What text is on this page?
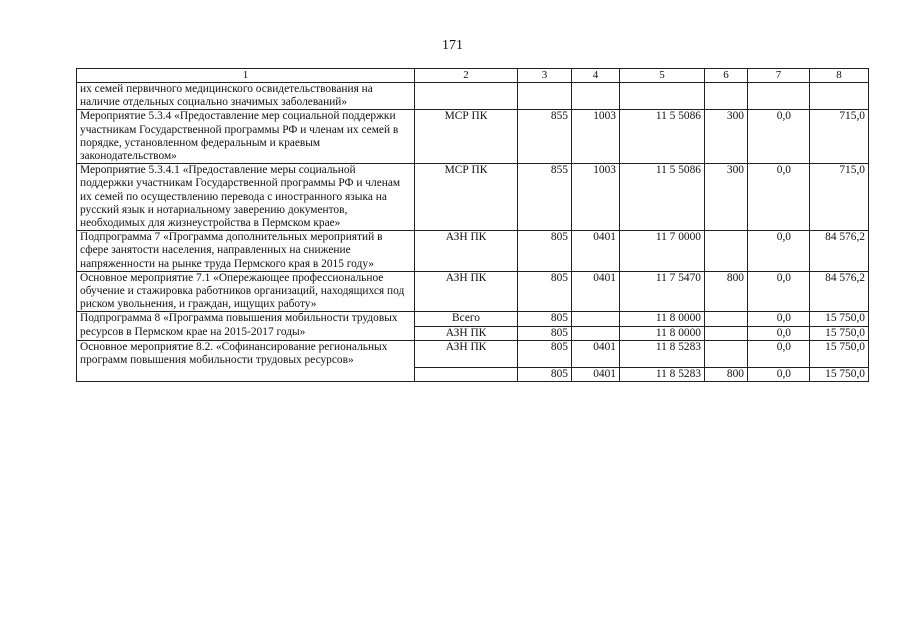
171
1	2	3	4	5	6	7	8
их семей первичного медицинского освидетельствования на наличие отдельных социально значимых заболеваний»							
Мероприятие 5.3.4 «Предоставление мер социальной поддержки участникам Государственной программы РФ и членам их семей в порядке, установленном федеральным и краевым законодательством»	МСР ПК	855	1003	11 5 5086	300	0,0	715,0
Мероприятие 5.3.4.1 «Предоставление меры социальной поддержки участникам Государственной программы РФ и членам их семей по осуществлению перевода с иностранного языка на русский язык и нотариальному заверению документов, необходимых для жизнеустройства в Пермском крае»	МСР ПК	855	1003	11 5 5086	300	0,0	715,0
Подпрограмма 7 «Программа дополнительных мероприятий в сфере занятости населения, направленных на снижение напряженности на рынке труда Пермского края в 2015 году»	АЗН ПК	805	0401	11 7 0000		0,0	84 576,2
Основное мероприятие 7.1 «Опережающее профессиональное обучение и стажировка работников организаций, находящихся под риском увольнения, и граждан, ищущих работу»	АЗН ПК	805	0401	11 7 5470	800	0,0	84 576,2
Подпрограмма 8 «Программа повышения мобильности трудовых ресурсов в Пермском крае на 2015-2017 годы»	Всего	805		11 8 0000		0,0	15 750,0
	АЗН ПК	805		11 8 0000		0,0	15 750,0
Основное мероприятие 8.2. «Софинансирование региональных программ повышения мобильности трудовых ресурсов»	АЗН ПК	805	0401	11 8 5283		0,0	15 750,0
		805	0401	11 8 5283	800	0,0	15 750,0
